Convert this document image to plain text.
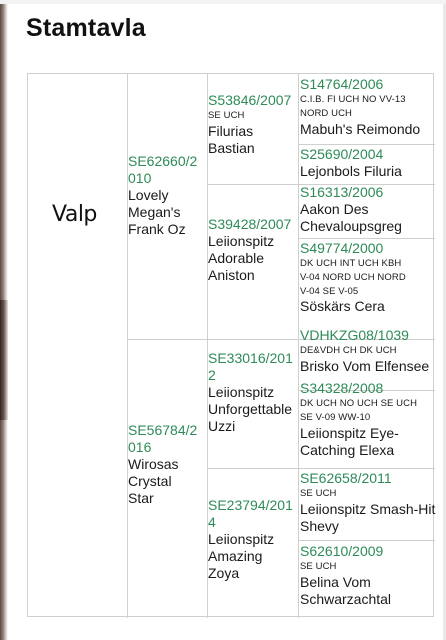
Stamtavla
Valp
SE62660/2
010
Lovely
Megan's
Frank Oz
SE56784/2
016
Wirosas
Crystal
Star
S53846/2007
SE UCH
Filurias
Bastian
S39428/2007
Leiionspitz
Adorable
Aniston
SE33016/201
2
Leiionspitz
Unforgettable
Uzzi
SE23794/201
4
Leiionspitz
Amazing
Zoya
S14764/2006
C.I.B. FI UCH NO VV-13
NORD UCH
Mabuh's Reimondo
S25690/2004
Lejonbols Filuria
S16313/2006
Aakon Des
Chevaloupsgreg
S49774/2000
DK UCH INT UCH KBH
V-04 NORD UCH NORD
V-04 SE V-05
Söskärs Cera
VDHKZG08/1039
DE&VDH CH DK UCH
Brisko Vom Elfensee
S34328/2008
DK UCH NO UCH SE UCH
SE V-09 WW-10
Leiionspitz Eye-
Catching Elexa
SE62658/2011
SE UCH
Leiionspitz Smash-Hit
Shevy
S62610/2009
SE UCH
Belina Vom
Schwarzachtal
